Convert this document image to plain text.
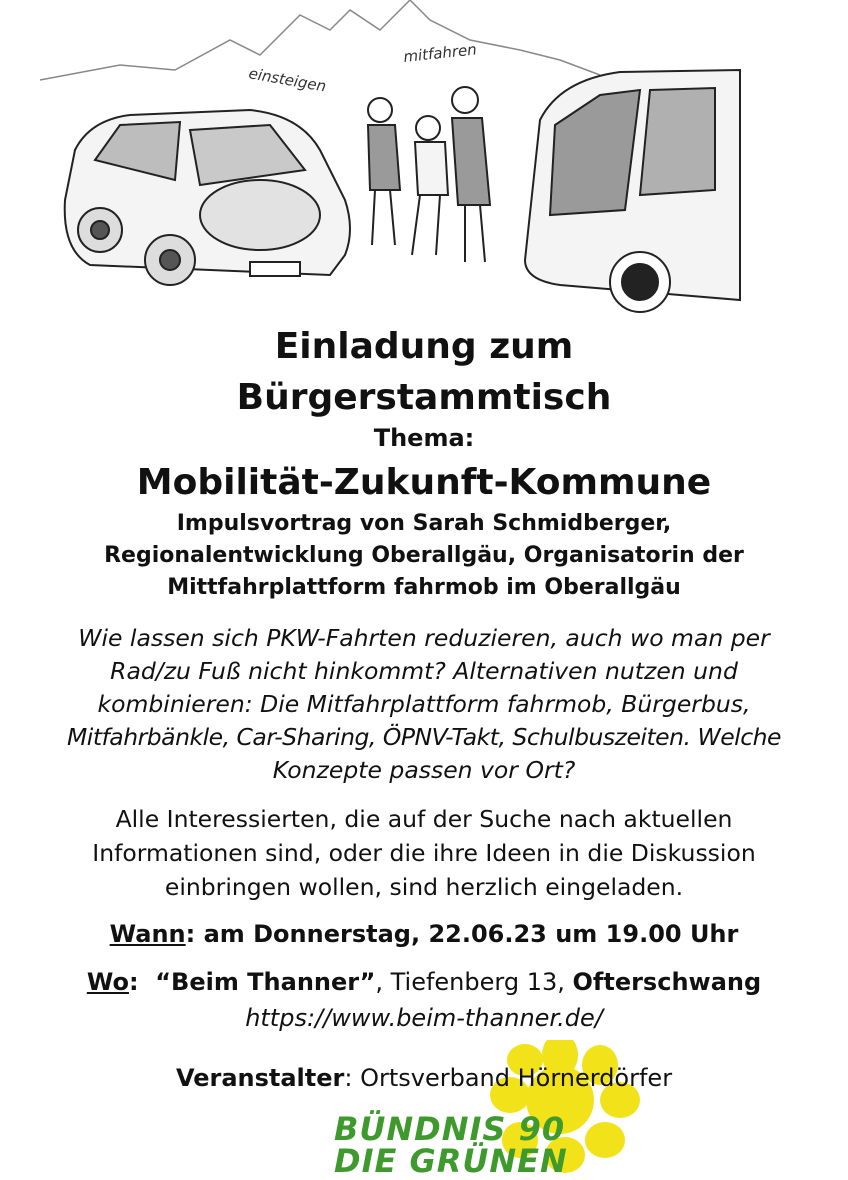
einsteigen
mitfahren
Einladung zum
Bürgerstammtisch
Thema:
Mobilität-Zukunft-Kommune
Impulsvortrag von Sarah Schmidberger,
Regionalentwicklung Oberallgäu, Organisatorin der
Mittfahrplattform fahrmob im Oberallgäu
Wie lassen sich PKW-Fahrten reduzieren, auch wo man per
Rad/zu Fuß nicht hinkommt? Alternativen nutzen und
kombinieren: Die Mitfahrplattform fahrmob, Bürgerbus,
Mitfahrbänkle, Car-Sharing, ÖPNV-Takt, Schulbuszeiten. Welche
Konzepte passen vor Ort?
Alle Interessierten, die auf der Suche nach aktuellen
Informationen sind, oder die ihre Ideen in die Diskussion
einbringen wollen, sind herzlich eingeladen.
Wann: am Donnerstag, 22.06.23 um 19.00 Uhr
Wo:  “Beim Thanner”, Tiefenberg 13, Ofterschwang
https://www.beim-thanner.de/
Veranstalter: Ortsverband Hörnerdörfer
BÜNDNIS 90
DIE GRÜNEN
